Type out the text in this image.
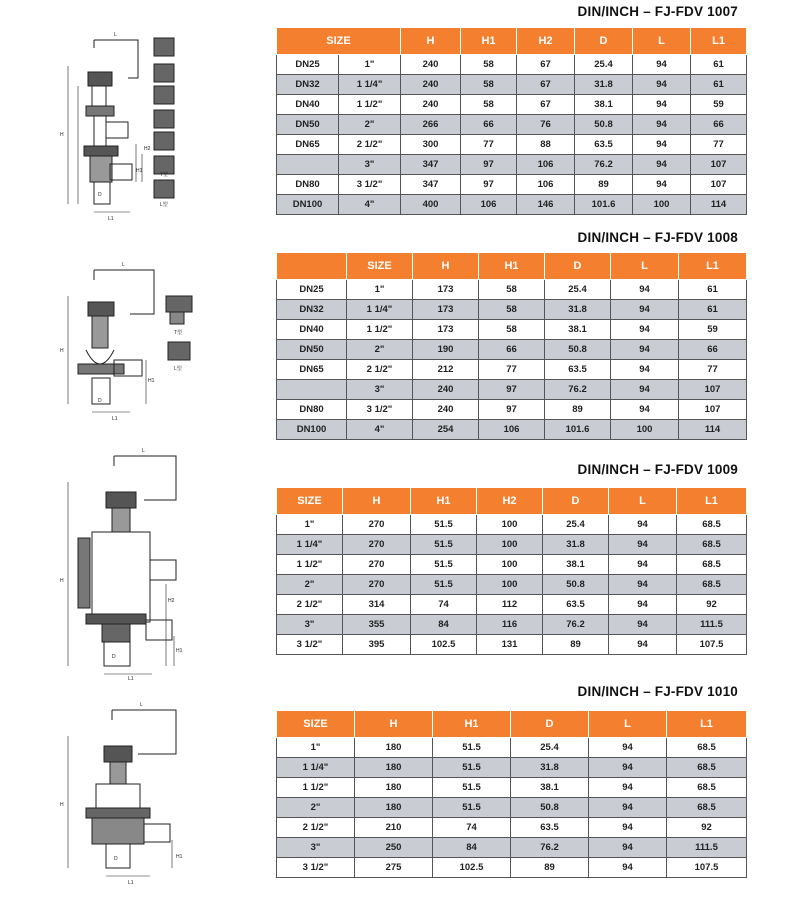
DIN/INCH – FJ-FDV 1007
L
H
H1
H2
D
L1
T型
L型
SIZE		H	H1	H2	D	L	L1
DN25	1"	240	58	67	25.4	94	61
DN32	1 1/4"	240	58	67	31.8	94	61
DN40	1 1/2"	240	58	67	38.1	94	59
DN50	2"	266	66	76	50.8	94	66
DN65	2 1/2"	300	77	88	63.5	94	77
	3"	347	97	106	76.2	94	107
DN80	3 1/2"	347	97	106	89	94	107
DN100	4"	400	106	146	101.6	100	114
DIN/INCH – FJ-FDV 1008
L
H
H1
D
L1
T型
L型
	SIZE	H	H1	D	L	L1
DN25	1"	173	58	25.4	94	61
DN32	1 1/4"	173	58	31.8	94	61
DN40	1 1/2"	173	58	38.1	94	59
DN50	2"	190	66	50.8	94	66
DN65	2 1/2"	212	77	63.5	94	77
	3"	240	97	76.2	94	107
DN80	3 1/2"	240	97	89	94	107
DN100	4"	254	106	101.6	100	114
DIN/INCH – FJ-FDV 1009
L
H
H1
H2
D
L1
SIZE	H	H1	H2	D	L	L1
1"	270	51.5	100	25.4	94	68.5
1 1/4"	270	51.5	100	31.8	94	68.5
1 1/2"	270	51.5	100	38.1	94	68.5
2"	270	51.5	100	50.8	94	68.5
2 1/2"	314	74	112	63.5	94	92
3"	355	84	116	76.2	94	111.5
3 1/2"	395	102.5	131	89	94	107.5
DIN/INCH – FJ-FDV 1010
L
H
H1
D
L1
SIZE	H	H1	D	L	L1
1"	180	51.5	25.4	94	68.5
1 1/4"	180	51.5	31.8	94	68.5
1 1/2"	180	51.5	38.1	94	68.5
2"	180	51.5	50.8	94	68.5
2 1/2"	210	74	63.5	94	92
3"	250	84	76.2	94	111.5
3 1/2"	275	102.5	89	94	107.5
